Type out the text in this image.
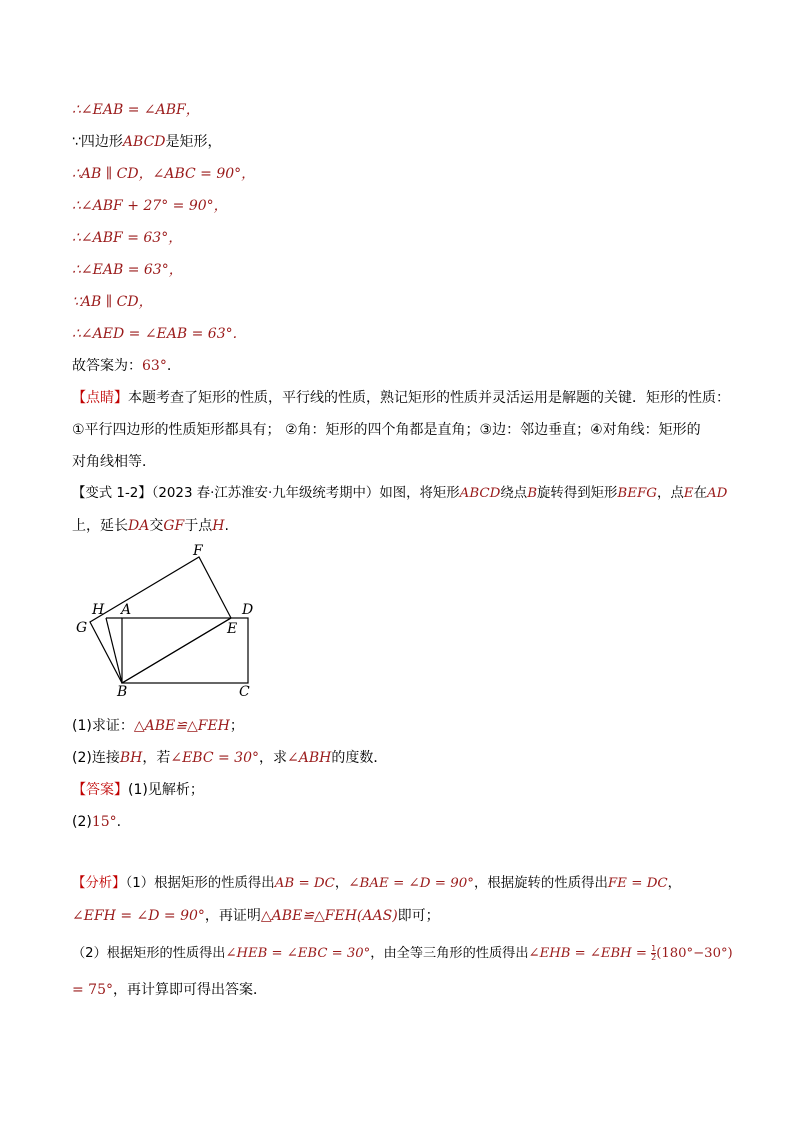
∴∠EAB = ∠ABF，
∵四边形ABCD是矩形，
∴AB ∥ CD，∠ABC = 90°，
∴∠ABF + 27° = 90°，
∴∠ABF = 63°，
∴∠EAB = 63°，
∵AB ∥ CD，
∴∠AED = ∠EAB = 63°.
故答案为：63°.
【点睛】本题考查了矩形的性质，平行线的性质，熟记矩形的性质并灵活运用是解题的关键．矩形的性质：
①平行四边形的性质矩形都具有； ②角：矩形的四个角都是直角；③边：邻边垂直；④对角线：矩形的
对角线相等．
【变式 1-2】（2023 春·江苏淮安·九年级统考期中）如图，将矩形ABCD绕点B旋转得到矩形BEFG，点E在AD
上，延长DA交GF于点H.
F
H A	D
G	E
B	C
(1)求证：△ABE≌△FEH；
(2)连接BH，若∠EBC = 30°，求∠ABH的度数．
【答案】(1)见解析；
(2)15°.
【分析】（1）根据矩形的性质得出AB = DC，∠BAE = ∠D = 90°，根据旋转的性质得出FE = DC，
∠EFH = ∠D = 90°，再证明△ABE≌△FEH(AAS)即可；
（2）根据矩形的性质得出∠HEB = ∠EBC = 30°，由全等三角形的性质得出∠EHB = ∠EBH = $\frac{1}{2} (180^\circ-30^\circ)$
= 75°，再计算即可得出答案．
